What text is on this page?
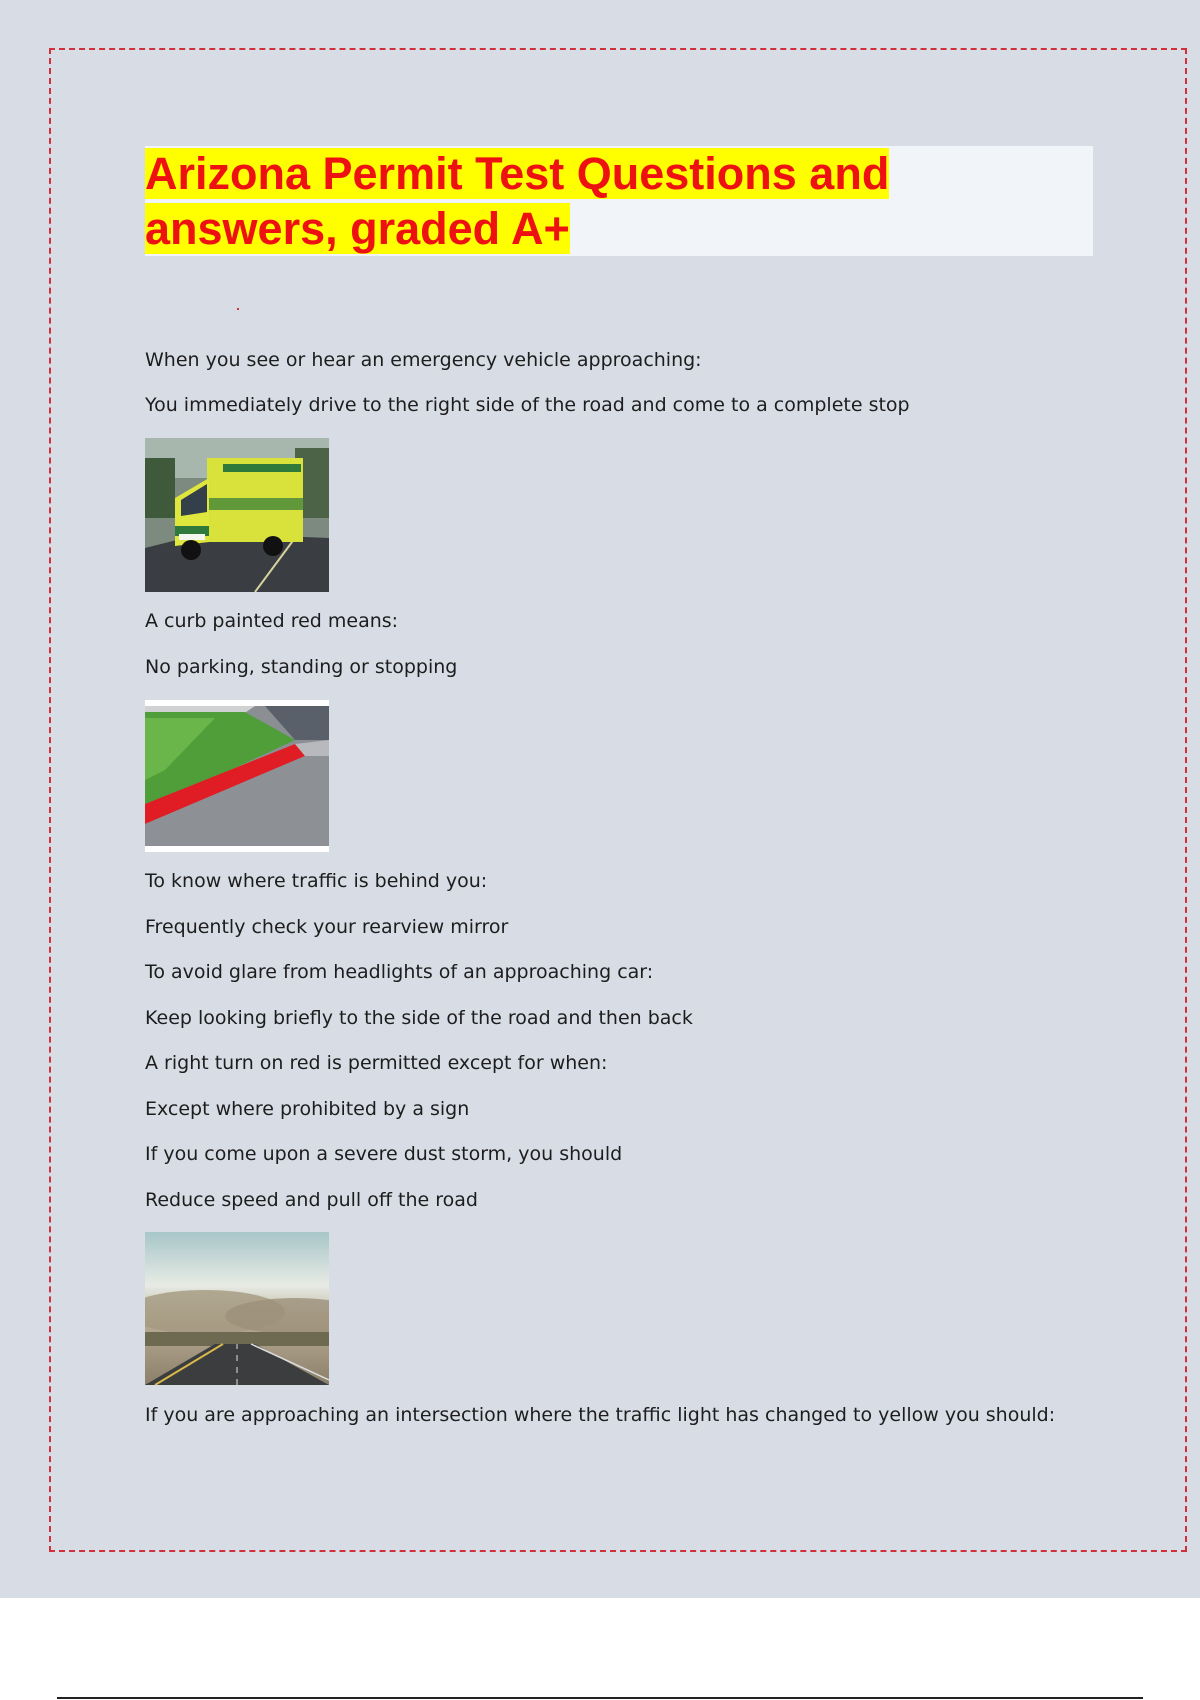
Arizona Permit Test Questions and answers, graded A+

When you see or hear an emergency vehicle approaching:

You immediately drive to the right side of the road and come to a complete stop

A curb painted red means:

No parking, standing or stopping

To know where traffic is behind you:

Frequently check your rearview mirror

To avoid glare from headlights of an approaching car:

Keep looking briefly to the side of the road and then back

A right turn on red is permitted except for when:

Except where prohibited by a sign

If you come upon a severe dust storm, you should

Reduce speed and pull off the road

If you are approaching an intersection where the traffic light has changed to yellow you should:
